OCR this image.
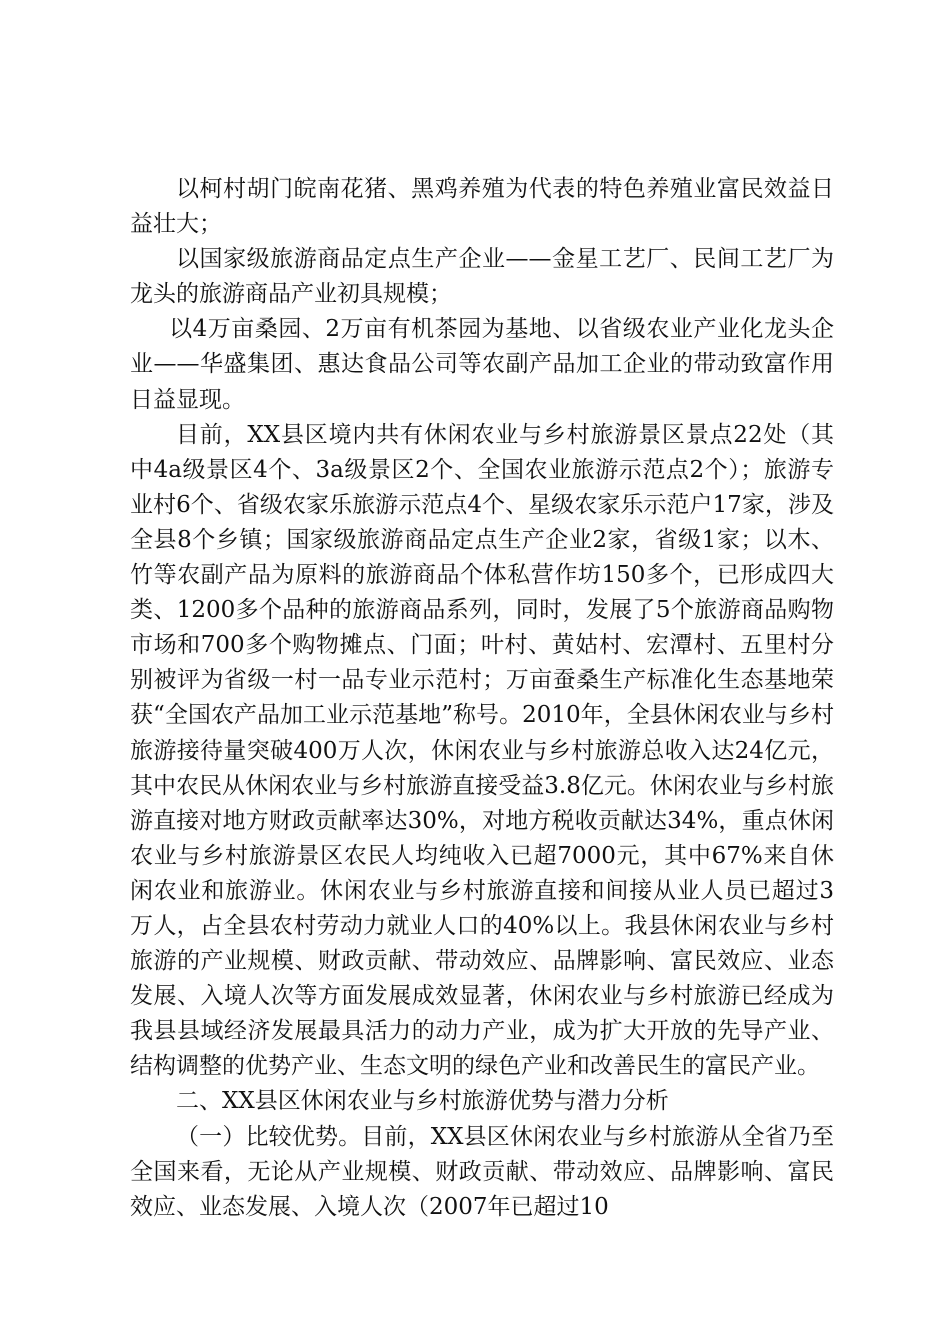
以柯村胡门皖南花猪、黑鸡养殖为代表的特色养殖业富民效益日益壮大；

以国家级旅游商品定点生产企业——金星工艺厂、民间工艺厂为龙头的旅游商品产业初具规模；

以4万亩桑园、2万亩有机茶园为基地、以省级农业产业化龙头企业——华盛集团、惠达食品公司等农副产品加工企业的带动致富作用日益显现。

目前，XX县区境内共有休闲农业与乡村旅游景区景点22处（其中4a级景区4个、3a级景区2个、全国农业旅游示范点2个）；旅游专业村6个、省级农家乐旅游示范点4个、星级农家乐示范户17家，涉及全县8个乡镇；国家级旅游商品定点生产企业2家，省级1家；以木、竹等农副产品为原料的旅游商品个体私营作坊150多个，已形成四大类、1200多个品种的旅游商品系列，同时，发展了5个旅游商品购物市场和700多个购物摊点、门面；叶村、黄姑村、宏潭村、五里村分别被评为省级一村一品专业示范村；万亩蚕桑生产标准化生态基地荣获“全国农产品加工业示范基地”称号。2010年，全县休闲农业与乡村旅游接待量突破400万人次，休闲农业与乡村旅游总收入达24亿元，其中农民从休闲农业与乡村旅游直接受益3.8亿元。休闲农业与乡村旅游直接对地方财政贡献率达30%，对地方税收贡献达34%，重点休闲农业与乡村旅游景区农民人均纯收入已超7000元，其中67%来自休闲农业和旅游业。休闲农业与乡村旅游直接和间接从业人员已超过3万人，占全县农村劳动力就业人口的40%以上。我县休闲农业与乡村旅游的产业规模、财政贡献、带动效应、品牌影响、富民效应、业态发展、入境人次等方面发展成效显著，休闲农业与乡村旅游已经成为我县县域经济发展最具活力的动力产业，成为扩大开放的先导产业、结构调整的优势产业、生态文明的绿色产业和改善民生的富民产业。

二、XX县区休闲农业与乡村旅游优势与潜力分析

（一）比较优势。目前，XX县区休闲农业与乡村旅游从全省乃至全国来看，无论从产业规模、财政贡献、带动效应、品牌影响、富民效应、业态发展、入境人次（2007年已超过10
